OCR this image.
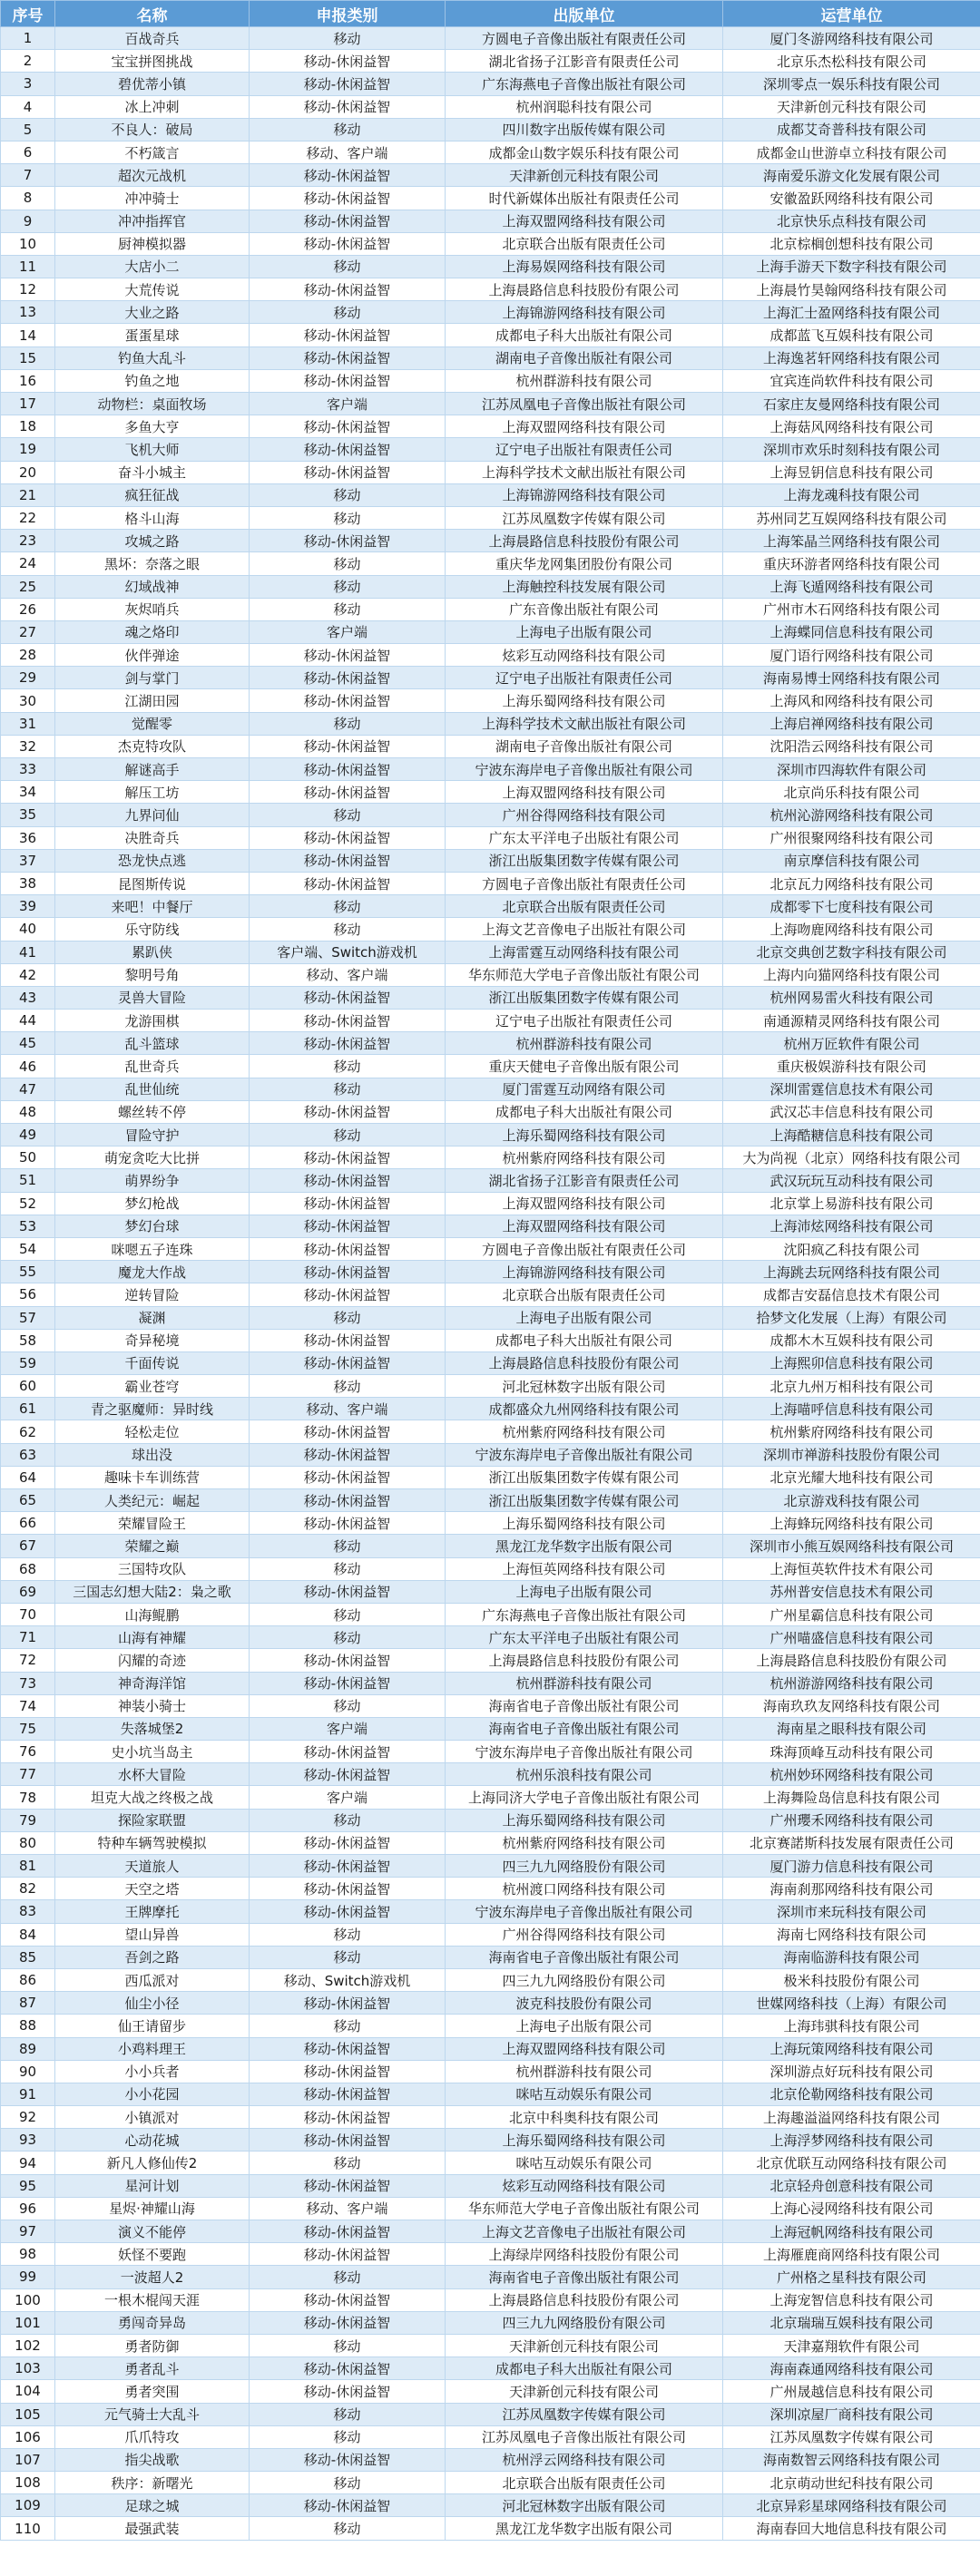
序号	名称	申报类别	出版单位	运营单位
1	百战奇兵	移动	方圆电子音像出版社有限责任公司	厦门冬游网络科技有限公司
2	宝宝拼图挑战	移动-休闲益智	湖北省扬子江影音有限责任公司	北京乐杰松科技有限公司
3	碧优蒂小镇	移动-休闲益智	广东海燕电子音像出版社有限公司	深圳零点一娱乐科技有限公司
4	冰上冲刺	移动-休闲益智	杭州润聪科技有限公司	天津新创元科技有限公司
5	不良人：破局	移动	四川数字出版传媒有限公司	成都艾奇普科技有限公司
6	不朽箴言	移动、客户端	成都金山数字娱乐科技有限公司	成都金山世游卓立科技有限公司
7	超次元战机	移动-休闲益智	天津新创元科技有限公司	海南爱乐游文化发展有限公司
8	冲冲骑士	移动-休闲益智	时代新媒体出版社有限责任公司	安徽盈跃网络科技有限公司
9	冲冲指挥官	移动-休闲益智	上海双盟网络科技有限公司	北京快乐点科技有限公司
10	厨神模拟器	移动-休闲益智	北京联合出版有限责任公司	北京棕榈创想科技有限公司
11	大店小二	移动	上海易娱网络科技有限公司	上海手游天下数字科技有限公司
12	大荒传说	移动-休闲益智	上海晨路信息科技股份有限公司	上海晨竹昊翰网络科技有限公司
13	大业之路	移动	上海锦游网络科技有限公司	上海汇士盈网络科技有限公司
14	蛋蛋星球	移动-休闲益智	成都电子科大出版社有限公司	成都蓝飞互娱科技有限公司
15	钓鱼大乱斗	移动-休闲益智	湖南电子音像出版社有限公司	上海逸茗轩网络科技有限公司
16	钓鱼之地	移动-休闲益智	杭州群游科技有限公司	宜宾连尚软件科技有限公司
17	动物栏：桌面牧场	客户端	江苏凤凰电子音像出版社有限公司	石家庄友曼网络科技有限公司
18	多鱼大亨	移动-休闲益智	上海双盟网络科技有限公司	上海菇风网络科技有限公司
19	飞机大师	移动-休闲益智	辽宁电子出版社有限责任公司	深圳市欢乐时刻科技有限公司
20	奋斗小城主	移动-休闲益智	上海科学技术文献出版社有限公司	上海昱钥信息科技有限公司
21	疯狂征战	移动	上海锦游网络科技有限公司	上海龙魂科技有限公司
22	格斗山海	移动	江苏凤凰数字传媒有限公司	苏州同艺互娱网络科技有限公司
23	攻城之路	移动-休闲益智	上海晨路信息科技股份有限公司	上海笨晶兰网络科技有限公司
24	黑坏：奈落之眼	移动	重庆华龙网集团股份有限公司	重庆环游者网络科技有限公司
25	幻域战神	移动	上海触控科技发展有限公司	上海飞遁网络科技有限公司
26	灰烬哨兵	移动	广东音像出版社有限公司	广州市木石网络科技有限公司
27	魂之烙印	客户端	上海电子出版有限公司	上海蝶同信息科技有限公司
28	伙伴弹途	移动-休闲益智	炫彩互动网络科技有限公司	厦门语行网络科技有限公司
29	剑与掌门	移动-休闲益智	辽宁电子出版社有限责任公司	海南易博士网络科技有限公司
30	江湖田园	移动-休闲益智	上海乐蜀网络科技有限公司	上海风和网络科技有限公司
31	觉醒零	移动	上海科学技术文献出版社有限公司	上海启禅网络科技有限公司
32	杰克特攻队	移动-休闲益智	湖南电子音像出版社有限公司	沈阳浩云网络科技有限公司
33	解谜高手	移动-休闲益智	宁波东海岸电子音像出版社有限公司	深圳市四海软件有限公司
34	解压工坊	移动-休闲益智	上海双盟网络科技有限公司	北京尚乐科技有限公司
35	九界问仙	移动	广州谷得网络科技有限公司	杭州沁游网络科技有限公司
36	决胜奇兵	移动-休闲益智	广东太平洋电子出版社有限公司	广州很聚网络科技有限公司
37	恐龙快点逃	移动-休闲益智	浙江出版集团数字传媒有限公司	南京摩信科技有限公司
38	昆图斯传说	移动-休闲益智	方圆电子音像出版社有限责任公司	北京瓦力网络科技有限公司
39	来吧！中餐厅	移动	北京联合出版有限责任公司	成都零下七度科技有限公司
40	乐守防线	移动	上海文艺音像电子出版社有限公司	上海吻鹿网络科技有限公司
41	累趴侠	客户端、Switch游戏机	上海雷霆互动网络科技有限公司	北京交典创艺数字科技有限公司
42	黎明号角	移动、客户端	华东师范大学电子音像出版社有限公司	上海内向猫网络科技有限公司
43	灵兽大冒险	移动-休闲益智	浙江出版集团数字传媒有限公司	杭州网易雷火科技有限公司
44	龙游围棋	移动-休闲益智	辽宁电子出版社有限责任公司	南通源精灵网络科技有限公司
45	乱斗篮球	移动-休闲益智	杭州群游科技有限公司	杭州万匠软件有限公司
46	乱世奇兵	移动	重庆天健电子音像出版有限公司	重庆极娱游科技有限公司
47	乱世仙统	移动	厦门雷霆互动网络有限公司	深圳雷霆信息技术有限公司
48	螺丝转不停	移动-休闲益智	成都电子科大出版社有限公司	武汉芯丰信息科技有限公司
49	冒险守护	移动	上海乐蜀网络科技有限公司	上海酷糖信息科技有限公司
50	萌宠贪吃大比拼	移动-休闲益智	杭州紫府网络科技有限公司	大为尚视（北京）网络科技有限公司
51	萌界纷争	移动-休闲益智	湖北省扬子江影音有限责任公司	武汉玩玩互动科技有限公司
52	梦幻枪战	移动-休闲益智	上海双盟网络科技有限公司	北京掌上易游科技有限公司
53	梦幻台球	移动-休闲益智	上海双盟网络科技有限公司	上海沛炫网络科技有限公司
54	咪嗯五子连珠	移动-休闲益智	方圆电子音像出版社有限责任公司	沈阳疯乙科技有限公司
55	魔龙大作战	移动-休闲益智	上海锦游网络科技有限公司	上海跳去玩网络科技有限公司
56	逆转冒险	移动-休闲益智	北京联合出版有限责任公司	成都吉安磊信息技术有限公司
57	凝渊	移动	上海电子出版有限公司	拾梦文化发展（上海）有限公司
58	奇异秘境	移动-休闲益智	成都电子科大出版社有限公司	成都木木互娱科技有限公司
59	千面传说	移动-休闲益智	上海晨路信息科技股份有限公司	上海熙卯信息科技有限公司
60	霸业苍穹	移动	河北冠林数字出版有限公司	北京九州万相科技有限公司
61	青之驱魔师：异时线	移动、客户端	成都盛众九州网络科技有限公司	上海喵呼信息科技有限公司
62	轻松走位	移动-休闲益智	杭州紫府网络科技有限公司	杭州紫府网络科技有限公司
63	球出没	移动-休闲益智	宁波东海岸电子音像出版社有限公司	深圳市禅游科技股份有限公司
64	趣味卡车训练营	移动-休闲益智	浙江出版集团数字传媒有限公司	北京光耀大地科技有限公司
65	人类纪元：崛起	移动-休闲益智	浙江出版集团数字传媒有限公司	北京游戏科技有限公司
66	荣耀冒险王	移动-休闲益智	上海乐蜀网络科技有限公司	上海蜂玩网络科技有限公司
67	荣耀之巅	移动	黑龙江龙华数字出版有限公司	深圳市小熊互娱网络科技有限公司
68	三国特攻队	移动	上海恒英网络科技有限公司	上海恒英软件技术有限公司
69	三国志幻想大陆2：枭之歌	移动-休闲益智	上海电子出版有限公司	苏州普安信息技术有限公司
70	山海鲲鹏	移动	广东海燕电子音像出版社有限公司	广州星霸信息科技有限公司
71	山海有神耀	移动	广东太平洋电子出版社有限公司	广州喵盛信息科技有限公司
72	闪耀的奇迹	移动-休闲益智	上海晨路信息科技股份有限公司	上海晨路信息科技股份有限公司
73	神奇海洋馆	移动-休闲益智	杭州群游科技有限公司	杭州游游网络科技有限公司
74	神装小骑士	移动	海南省电子音像出版社有限公司	海南玖玖友网络科技有限公司
75	失落城堡2	客户端	海南省电子音像出版社有限公司	海南星之眼科技有限公司
76	史小坑当岛主	移动-休闲益智	宁波东海岸电子音像出版社有限公司	珠海顶峰互动科技有限公司
77	水杯大冒险	移动-休闲益智	杭州乐浪科技有限公司	杭州妙环网络科技有限公司
78	坦克大战之终极之战	客户端	上海同济大学电子音像出版社有限公司	上海舞险岛信息科技有限公司
79	探险家联盟	移动	上海乐蜀网络科技有限公司	广州瓔禾网络科技有限公司
80	特种车辆驾驶模拟	移动-休闲益智	杭州紫府网络科技有限公司	北京赛諾斯科技发展有限责任公司
81	天道旅人	移动-休闲益智	四三九九网络股份有限公司	厦门游力信息科技有限公司
82	天空之塔	移动-休闲益智	杭州渡口网络科技有限公司	海南刹那网络科技有限公司
83	王牌摩托	移动-休闲益智	宁波东海岸电子音像出版社有限公司	深圳市来玩科技有限公司
84	望山异兽	移动	广州谷得网络科技有限公司	海南七网络科技有限公司
85	吾剑之路	移动	海南省电子音像出版社有限公司	海南临游科技有限公司
86	西瓜派对	移动、Switch游戏机	四三九九网络股份有限公司	极米科技股份有限公司
87	仙尘小径	移动-休闲益智	波克科技股份有限公司	世媒网络科技（上海）有限公司
88	仙王请留步	移动	上海电子出版有限公司	上海玮骐科技有限公司
89	小鸡料理王	移动-休闲益智	上海双盟网络科技有限公司	上海玩策网络科技有限公司
90	小小兵者	移动-休闲益智	杭州群游科技有限公司	深圳游点好玩科技有限公司
91	小小花园	移动-休闲益智	咪咕互动娱乐有限公司	北京伦勒网络科技有限公司
92	小镇派对	移动-休闲益智	北京中科奥科技有限公司	上海趣溢溢网络科技有限公司
93	心动花城	移动-休闲益智	上海乐蜀网络科技有限公司	上海浮梦网络科技有限公司
94	新凡人修仙传2	移动	咪咕互动娱乐有限公司	北京优联互动网络科技有限公司
95	星河计划	移动-休闲益智	炫彩互动网络科技有限公司	北京轻舟创意科技有限公司
96	星烬·神耀山海	移动、客户端	华东师范大学电子音像出版社有限公司	上海心浸网络科技有限公司
97	演义不能停	移动-休闲益智	上海文艺音像电子出版社有限公司	上海冠帆网络科技有限公司
98	妖怪不要跑	移动-休闲益智	上海绿岸网络科技股份有限公司	上海雁鹿商网络科技有限公司
99	一波超人2	移动	海南省电子音像出版社有限公司	广州格之星科技有限公司
100	一根木棍闯天涯	移动-休闲益智	上海晨路信息科技股份有限公司	上海宠智信息科技有限公司
101	勇闯奇异岛	移动-休闲益智	四三九九网络股份有限公司	北京瑞瑞互娱科技有限公司
102	勇者防御	移动	天津新创元科技有限公司	天津嘉翔软件有限公司
103	勇者乱斗	移动-休闲益智	成都电子科大出版社有限公司	海南森通网络科技有限公司
104	勇者突围	移动-休闲益智	天津新创元科技有限公司	广州晟越信息科技有限公司
105	元气骑士大乱斗	移动	江苏凤凰数字传媒有限公司	深圳凉屋厂商科技有限公司
106	爪爪特攻	移动	江苏凤凰电子音像出版社有限公司	江苏凤凰数字传媒有限公司
107	指尖战歌	移动-休闲益智	杭州浮云网络科技有限公司	海南数智云网络科技有限公司
108	秩序：新曙光	移动	北京联合出版有限责任公司	北京萌动世纪科技有限公司
109	足球之城	移动-休闲益智	河北冠林数字出版有限公司	北京异彩星球网络科技有限公司
110	最强武装	移动	黑龙江龙华数字出版有限公司	海南春回大地信息科技有限公司
